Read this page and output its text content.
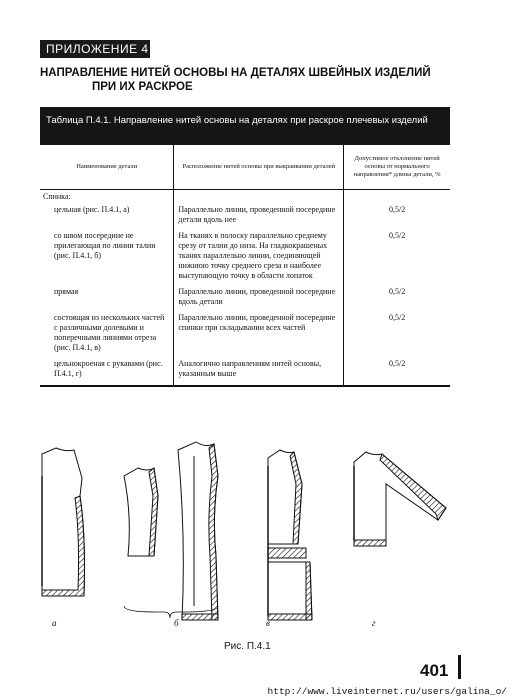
ПРИЛОЖЕНИЕ 4
НАПРАВЛЕНИЕ НИТЕЙ ОСНОВЫ НА ДЕТАЛЯХ ШВЕЙНЫХ ИЗДЕЛИЙ
ПРИ ИХ РАСКРОЕ
Таблица П.4.1. Направление нитей основы на деталях при раскрое плечевых изделий
Наименование детали	Расположение нитей основы при выкраивании деталей	Допустимое отклонение нитей основы от нормального направления* длины детали, %
Спинка:		
цельная (рис. П.4.1, а)	Параллельно линии, проведенной посередине детали вдоль нее	0,5/2
со швом посередине не прилегающая по линии талии (рис. П.4.1, б)	На тканях в полоску параллельно среднему срезу от талии до низа. На гладкокрашеных тканях параллельно линии, соединяющей нижнюю точку среднего среза и наиболее выступающую точку в области лопаток	0,5/2
прямая	Параллельно линии, проведенной посередине вдоль детали	0,5/2
состоящая из нескольких частей с различными долевыми и поперечными линиями отреза (рис. П.4.1, в)	Параллельно линии, проведенной посередине спинки при складывании всех частей	0,5/2
цельнокроеная с рукавами (рис. П.4.1, г)	Аналогично направлениям нитей основы, указанным выше	0,5/2
а	б	в	г
Рис. П.4.1
401
http://www.liveinternet.ru/users/galina_o/
